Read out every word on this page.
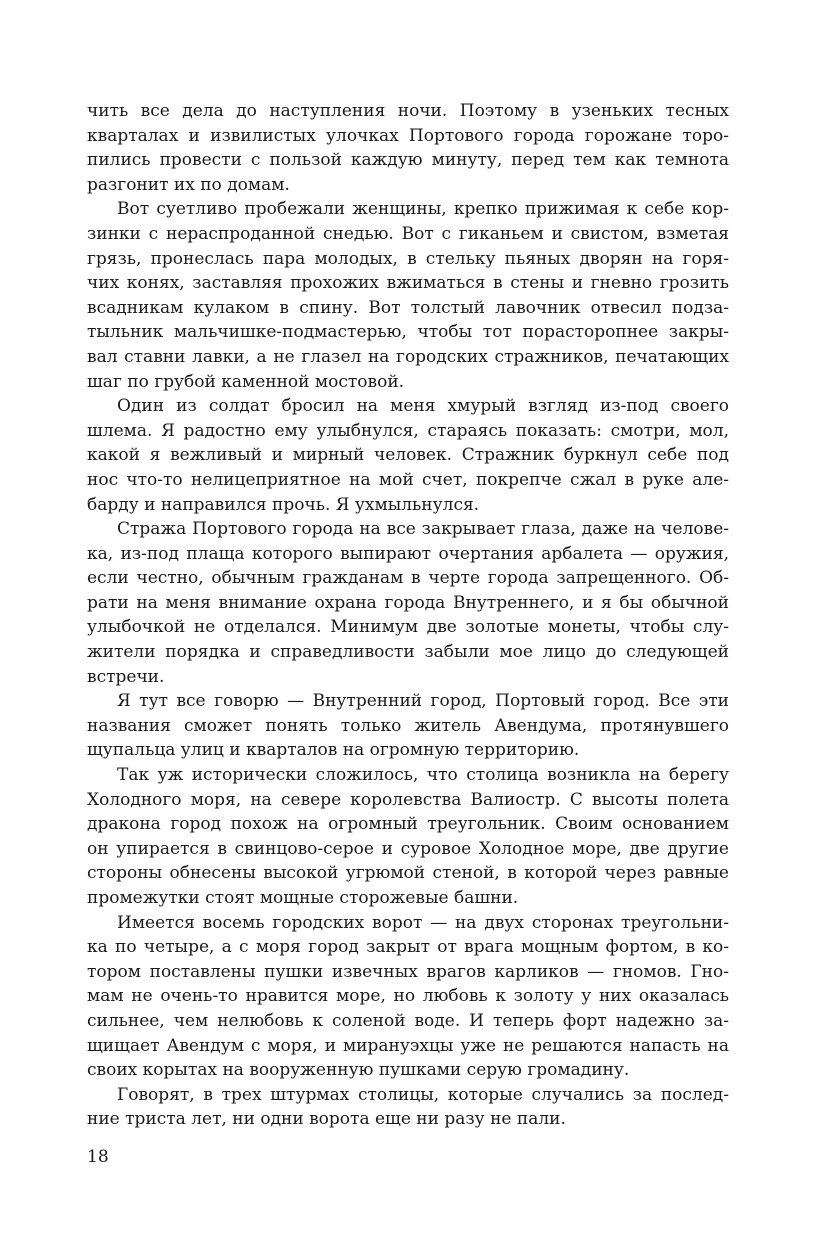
чить все дела до наступления ночи. Поэтому в узеньких тесных
кварталах и извилистых улочках Портового города горожане торо-
пились провести с пользой каждую минуту, перед тем как темнота
разгонит их по домам.

Вот суетливо пробежали женщины, крепко прижимая к себе кор-
зинки с нераспроданной снедью. Вот с гиканьем и свистом, взметая
грязь, пронеслась пара молодых, в стельку пьяных дворян на горя-
чих конях, заставляя прохожих вжиматься в стены и гневно грозить
всадникам кулаком в спину. Вот толстый лавочник отвесил подза-
тыльник мальчишке-подмастерью, чтобы тот порасторопнее закры-
вал ставни лавки, а не глазел на городских стражников, печатающих
шаг по грубой каменной мостовой.

Один из солдат бросил на меня хмурый взгляд из-под своего
шлема. Я радостно ему улыбнулся, стараясь показать: смотри, мол,
какой я вежливый и мирный человек. Стражник буркнул себе под
нос что-то нелицеприятное на мой счет, покрепче сжал в руке але-
барду и направился прочь. Я ухмыльнулся.

Стража Портового города на все закрывает глаза, даже на челове-
ка, из-под плаща которого выпирают очертания арбалета — оружия,
если честно, обычным гражданам в черте города запрещенного. Об-
рати на меня внимание охрана города Внутреннего, и я бы обычной
улыбочкой не отделался. Минимум две золотые монеты, чтобы слу-
жители порядка и справедливости забыли мое лицо до следующей
встречи.

Я тут все говорю — Внутренний город, Портовый город. Все эти
названия сможет понять только житель Авендума, протянувшего
щупальца улиц и кварталов на огромную территорию.

Так уж исторически сложилось, что столица возникла на берегу
Холодного моря, на севере королевства Валиостр. С высоты полета
дракона город похож на огромный треугольник. Своим основанием
он упирается в свинцово-серое и суровое Холодное море, две другие
стороны обнесены высокой угрюмой стеной, в которой через равные
промежутки стоят мощные сторожевые башни.

Имеется восемь городских ворот — на двух сторонах треугольни-
ка по четыре, а с моря город закрыт от врага мощным фортом, в ко-
тором поставлены пушки извечных врагов карликов — гномов. Гно-
мам не очень-то нравится море, но любовь к золоту у них оказалась
сильнее, чем нелюбовь к соленой воде. И теперь форт надежно за-
щищает Авендум с моря, и мирануэхцы уже не решаются напасть на
своих корытах на вооруженную пушками серую громадину.

Говорят, в трех штурмах столицы, которые случались за послед-
ние триста лет, ни одни ворота еще ни разу не пали.

18
